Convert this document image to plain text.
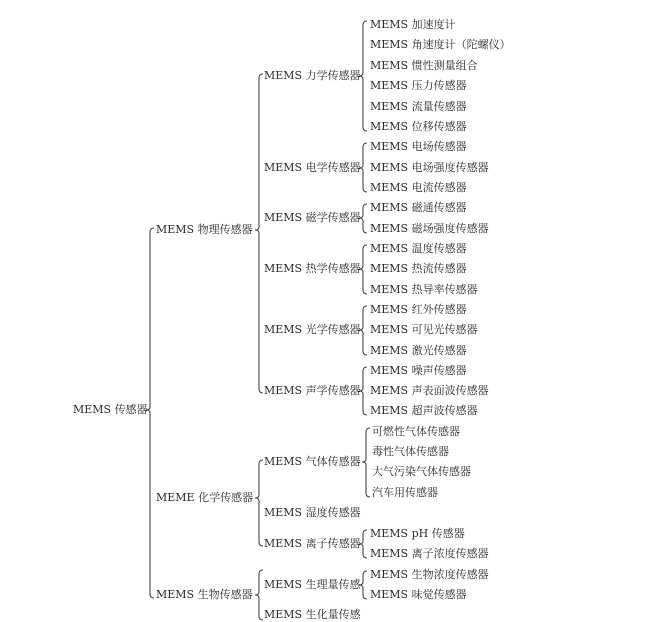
MEMS 传感器
MEMS 物理传感器
MEME 化学传感器
MEMS 生物传感器
MEMS 力学传感器
MEMS 电学传感器
MEMS 磁学传感器
MEMS 热学传感器
MEMS 光学传感器
MEMS 声学传感器
MEMS 气体传感器
MEMS 湿度传感器
MEMS 离子传感器
MEMS 生理量传感
MEMS 生化量传感
MEMS 加速度计
MEMS 角速度计（陀螺仪）
MEMS 惯性测量组合
MEMS 压力传感器
MEMS 流量传感器
MEMS 位移传感器
MEMS 电场传感器
MEMS 电场强度传感器
MEMS 电流传感器
MEMS 磁通传感器
MEMS 磁场强度传感器
MEMS 温度传感器
MEMS 热流传感器
MEMS 热导率传感器
MEMS 红外传感器
MEMS 可见光传感器
MEMS 激光传感器
MEMS 噪声传感器
MEMS 声表面波传感器
MEMS 超声波传感器
可燃性气体传感器
毒性气体传感器
大气污染气体传感器
汽车用传感器
MEMS pH 传感器
MEMS 离子浓度传感器
MEMS 生物浓度传感器
MEMS 味觉传感器
